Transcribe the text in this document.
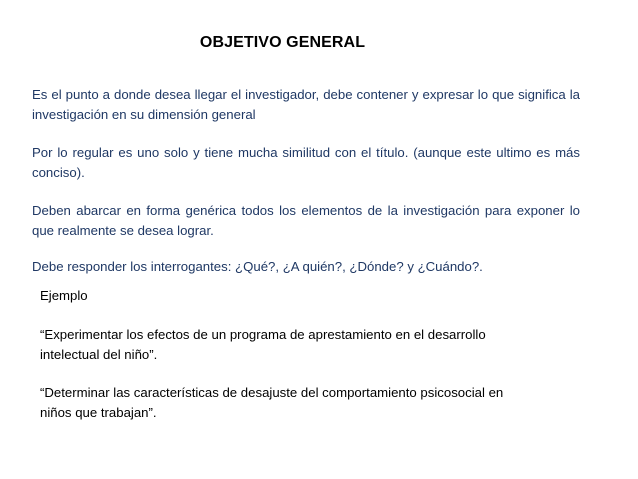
OBJETIVO GENERAL
Es el punto a donde desea llegar el investigador, debe contener y expresar lo que significa la investigación en su dimensión general
Por lo regular es uno solo y tiene mucha similitud con el título. (aunque este ultimo es más conciso).
Deben abarcar en forma genérica todos los elementos de la investigación para exponer lo que realmente se desea lograr.
Debe responder los interrogantes: ¿Qué?, ¿A quién?, ¿Dónde? y ¿Cuándo?.
Ejemplo
“Experimentar los efectos de un programa de aprestamiento en el desarrollo
intelectual del niño”.
“Determinar las características de desajuste del comportamiento psicosocial en
niños que trabajan”.
